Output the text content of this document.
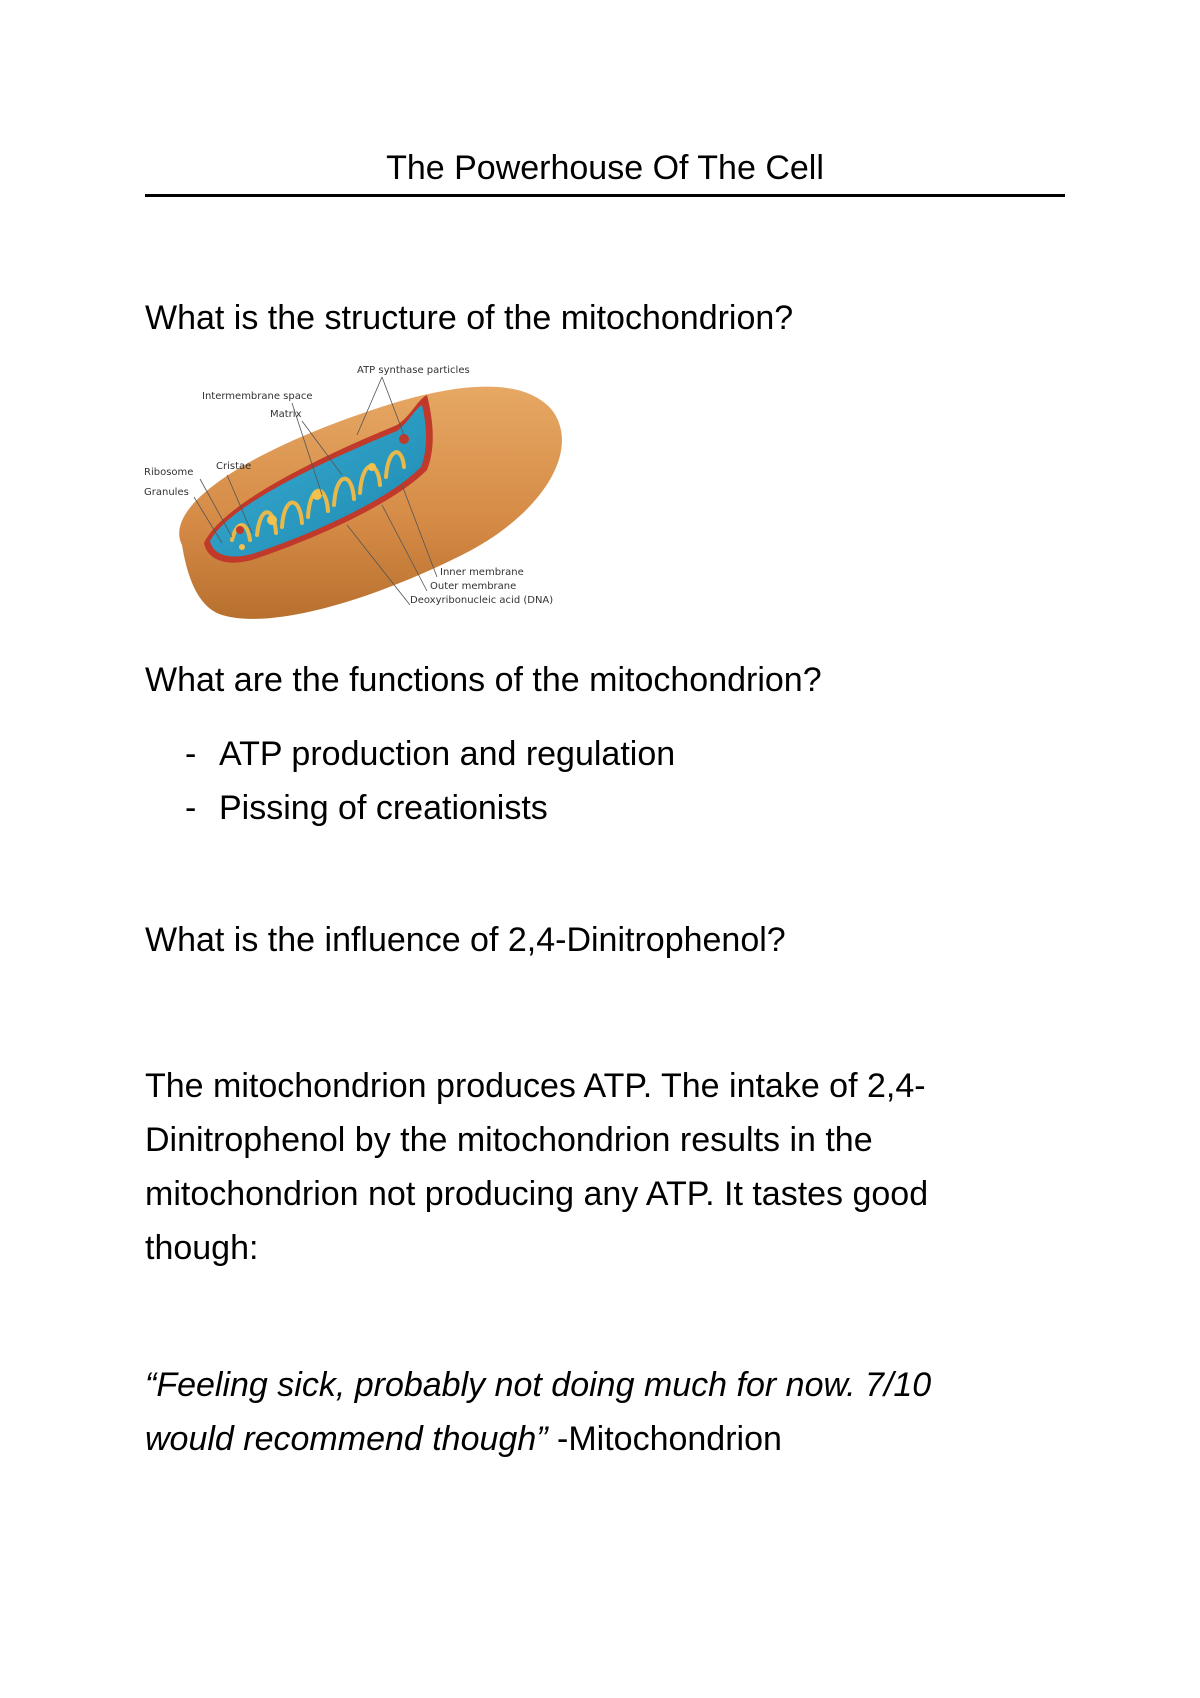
The Powerhouse Of The Cell
What is the structure of the mitochondrion?
ATP synthase particles
Intermembrane space
Matrix
Cristae
Ribosome
Granules
Inner membrane
Outer membrane
Deoxyribonucleic acid (DNA)
What are the functions of the mitochondrion?
- ATP production and regulation
- Pissing of creationists
What is the influence of 2,4-Dinitrophenol?
The mitochondrion produces ATP. The intake of 2,4-
Dinitrophenol by the mitochondrion results in the
mitochondrion not producing any ATP. It tastes good
though:
“Feeling sick, probably not doing much for now. 7/10
would recommend though” -Mitochondrion
